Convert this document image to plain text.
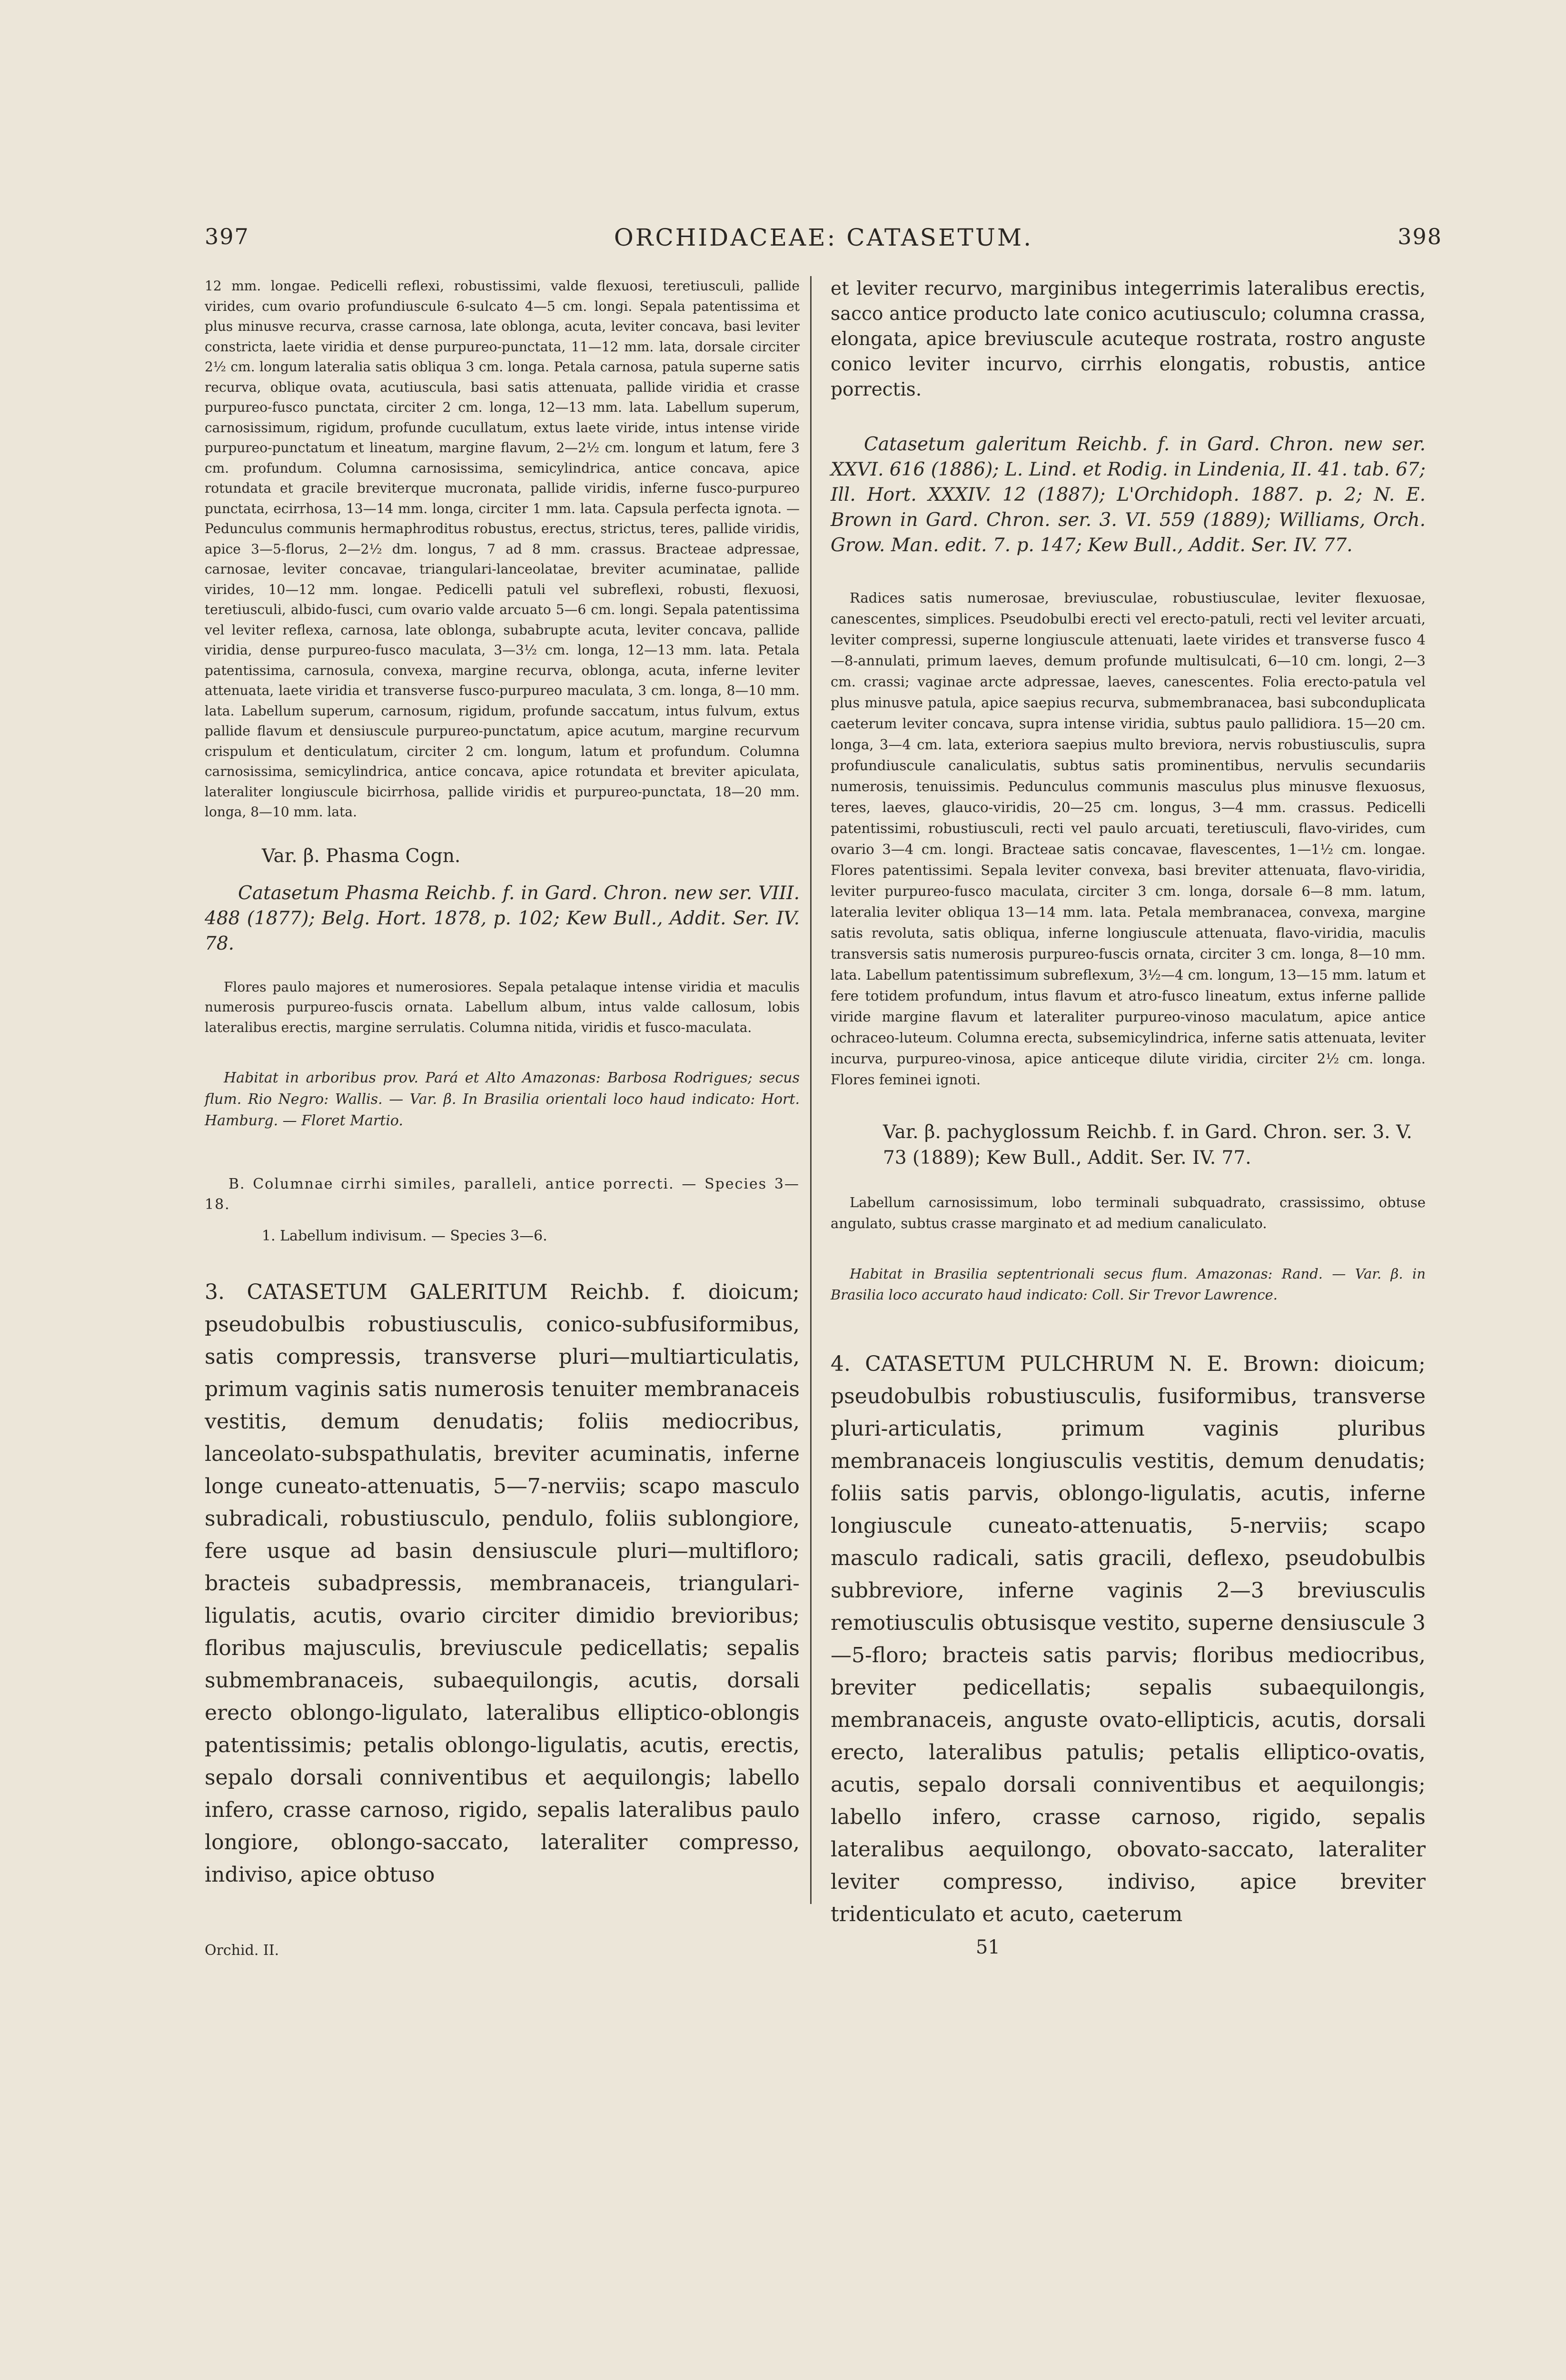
397	ORCHIDACEAE: CATASETUM.	398

12 mm. longae. Pedicelli reflexi, robustissimi, valde flexuosi, teretiusculi, pallide virides, cum ovario profundiuscule 6-sulcato 4—5 cm. longi. Sepala patentissima et plus minusve recurva, crasse carnosa, late oblonga, acuta, leviter concava, basi leviter constricta, laete viridia et dense purpureo-punctata, 11—12 mm. lata, dorsale circiter 2½ cm. longum lateralia satis obliqua 3 cm. longa. Petala carnosa, patula superne satis recurva, oblique ovata, acutiuscula, basi satis attenuata, pallide viridia et crasse purpureo-fusco punctata, circiter 2 cm. longa, 12—13 mm. lata. Labellum superum, carnosissimum, rigidum, profunde cucullatum, extus laete viride, intus intense viride purpureo-punctatum et lineatum, margine flavum, 2—2½ cm. longum et latum, fere 3 cm. profundum. Columna carnosissima, semicylindrica, antice concava, apice rotundata et gracile breviterque mucronata, pallide viridis, inferne fusco-purpureo punctata, ecirrhosa, 13—14 mm. longa, circiter 1 mm. lata. Capsula perfecta ignota. — Pedunculus communis hermaphroditus robustus, erectus, strictus, teres, pallide viridis, apice 3—5-florus, 2—2½ dm. longus, 7 ad 8 mm. crassus. Bracteae adpressae, carnosae, leviter concavae, triangulari-lanceolatae, breviter acuminatae, pallide virides, 10—12 mm. longae. Pedicelli patuli vel subreflexi, robusti, flexuosi, teretiusculi, albido-fusci, cum ovario valde arcuato 5—6 cm. longi. Sepala patentissima vel leviter reflexa, carnosa, late oblonga, subabrupte acuta, leviter concava, pallide viridia, dense purpureo-fusco maculata, 3—3½ cm. longa, 12—13 mm. lata. Petala patentissima, carnosula, convexa, margine recurva, oblonga, acuta, inferne leviter attenuata, laete viridia et transverse fusco-purpureo maculata, 3 cm. longa, 8—10 mm. lata. Labellum superum, carnosum, rigidum, profunde saccatum, intus fulvum, extus pallide flavum et densiuscule purpureo-punctatum, apice acutum, margine recurvum crispulum et denticulatum, circiter 2 cm. longum, latum et profundum. Columna carnosissima, semicylindrica, antice concava, apice rotundata et breviter apiculata, lateraliter longiuscule bicirrhosa, pallide viridis et purpureo-punctata, 18—20 mm. longa, 8—10 mm. lata.

Var. β. Phasma Cogn.

Catasetum Phasma Reichb. f. in Gard. Chron. new ser. VIII. 488 (1877); Belg. Hort. 1878, p. 102; Kew Bull., Addit. Ser. IV. 78.

Flores paulo majores et numerosiores. Sepala petalaque intense viridia et maculis numerosis purpureo-fuscis ornata. Labellum album, intus valde callosum, lobis lateralibus erectis, margine serrulatis. Columna nitida, viridis et fusco-maculata.

Habitat in arboribus prov. Pará et Alto Amazonas: Barbosa Rodrigues; secus flum. Rio Negro: Wallis. — Var. β. In Brasilia orientali loco haud indicato: Hort. Hamburg. — Floret Martio.

B. Columnae cirrhi similes, paralleli, antice porrecti. — Species 3—18.

1. Labellum indivisum. — Species 3—6.

3. CATASETUM GALERITUM Reichb. f. dioicum; pseudobulbis robustiusculis, conico-subfusiformibus, satis compressis, transverse pluri—multiarticulatis, primum vaginis satis numerosis tenuiter membranaceis vestitis, demum denudatis; foliis mediocribus, lanceolato-subspathulatis, breviter acuminatis, inferne longe cuneato-attenuatis, 5—7-nerviis; scapo masculo subradicali, robustiusculo, pendulo, foliis sublongiore, fere usque ad basin densiuscule pluri—multifloro; bracteis subadpressis, membranaceis, triangulari-ligulatis, acutis, ovario circiter dimidio brevioribus; floribus majusculis, breviuscule pedicellatis; sepalis submembranaceis, subaequilongis, acutis, dorsali erecto oblongo-ligulato, lateralibus elliptico-oblongis patentissimis; petalis oblongo-ligulatis, acutis, erectis, sepalo dorsali conniventibus et aequilongis; labello infero, crasse carnoso, rigido, sepalis lateralibus paulo longiore, oblongo-saccato, lateraliter compresso, indiviso, apice obtuso

et leviter recurvo, marginibus integerrimis lateralibus erectis, sacco antice producto late conico acutiusculo; columna crassa, elongata, apice breviuscule acuteque rostrata, rostro anguste conico leviter incurvo, cirrhis elongatis, robustis, antice porrectis.

Catasetum galeritum Reichb. f. in Gard. Chron. new ser. XXVI. 616 (1886); L. Lind. et Rodig. in Lindenia, II. 41. tab. 67; Ill. Hort. XXXIV. 12 (1887); L'Orchidoph. 1887. p. 2; N. E. Brown in Gard. Chron. ser. 3. VI. 559 (1889); Williams, Orch. Grow. Man. edit. 7. p. 147; Kew Bull., Addit. Ser. IV. 77.

Radices satis numerosae, breviusculae, robustiusculae, leviter flexuosae, canescentes, simplices. Pseudobulbi erecti vel erecto-patuli, recti vel leviter arcuati, leviter compressi, superne longiuscule attenuati, laete virides et transverse fusco 4—8-annulati, primum laeves, demum profunde multisulcati, 6—10 cm. longi, 2—3 cm. crassi; vaginae arcte adpressae, laeves, canescentes. Folia erecto-patula vel plus minusve patula, apice saepius recurva, submembranacea, basi subconduplicata caeterum leviter concava, supra intense viridia, subtus paulo pallidiora. 15—20 cm. longa, 3—4 cm. lata, exteriora saepius multo breviora, nervis robustiusculis, supra profundiuscule canaliculatis, subtus satis prominentibus, nervulis secundariis numerosis, tenuissimis. Pedunculus communis masculus plus minusve flexuosus, teres, laeves, glauco-viridis, 20—25 cm. longus, 3—4 mm. crassus. Pedicelli patentissimi, robustiusculi, recti vel paulo arcuati, teretiusculi, flavo-virides, cum ovario 3—4 cm. longi. Bracteae satis concavae, flavescentes, 1—1½ cm. longae. Flores patentissimi. Sepala leviter convexa, basi breviter attenuata, flavo-viridia, leviter purpureo-fusco maculata, circiter 3 cm. longa, dorsale 6—8 mm. latum, lateralia leviter obliqua 13—14 mm. lata. Petala membranacea, convexa, margine satis revoluta, satis obliqua, inferne longiuscule attenuata, flavo-viridia, maculis transversis satis numerosis purpureo-fuscis ornata, circiter 3 cm. longa, 8—10 mm. lata. Labellum patentissimum subreflexum, 3½—4 cm. longum, 13—15 mm. latum et fere totidem profundum, intus flavum et atro-fusco lineatum, extus inferne pallide viride margine flavum et lateraliter purpureo-vinoso maculatum, apice antice ochraceo-luteum. Columna erecta, subsemicylindrica, inferne satis attenuata, leviter incurva, purpureo-vinosa, apice anticeque dilute viridia, circiter 2½ cm. longa. Flores feminei ignoti.

Var. β. pachyglossum Reichb. f. in Gard. Chron. ser. 3. V. 73 (1889); Kew Bull., Addit. Ser. IV. 77.

Labellum carnosissimum, lobo terminali subquadrato, crassissimo, obtuse angulato, subtus crasse marginato et ad medium canaliculato.

Habitat in Brasilia septentrionali secus flum. Amazonas: Rand. — Var. β. in Brasilia loco accurato haud indicato: Coll. Sir Trevor Lawrence.

4. CATASETUM PULCHRUM N. E. Brown: dioicum; pseudobulbis robustiusculis, fusiformibus, transverse pluri-articulatis, primum vaginis pluribus membranaceis longiusculis vestitis, demum denudatis; foliis satis parvis, oblongo-ligulatis, acutis, inferne longiuscule cuneato-attenuatis, 5-nerviis; scapo masculo radicali, satis gracili, deflexo, pseudobulbis subbreviore, inferne vaginis 2—3 breviusculis remotiusculis obtusisque vestito, superne densiuscule 3—5-floro; bracteis satis parvis; floribus mediocribus, breviter pedicellatis; sepalis subaequilongis, membranaceis, anguste ovato-ellipticis, acutis, dorsali erecto, lateralibus patulis; petalis elliptico-ovatis, acutis, sepalo dorsali conniventibus et aequilongis; labello infero, crasse carnoso, rigido, sepalis lateralibus aequilongo, obovato-saccato, lateraliter leviter compresso, indiviso, apice breviter tridenticulato et acuto, caeterum

Orchid. II.	51
